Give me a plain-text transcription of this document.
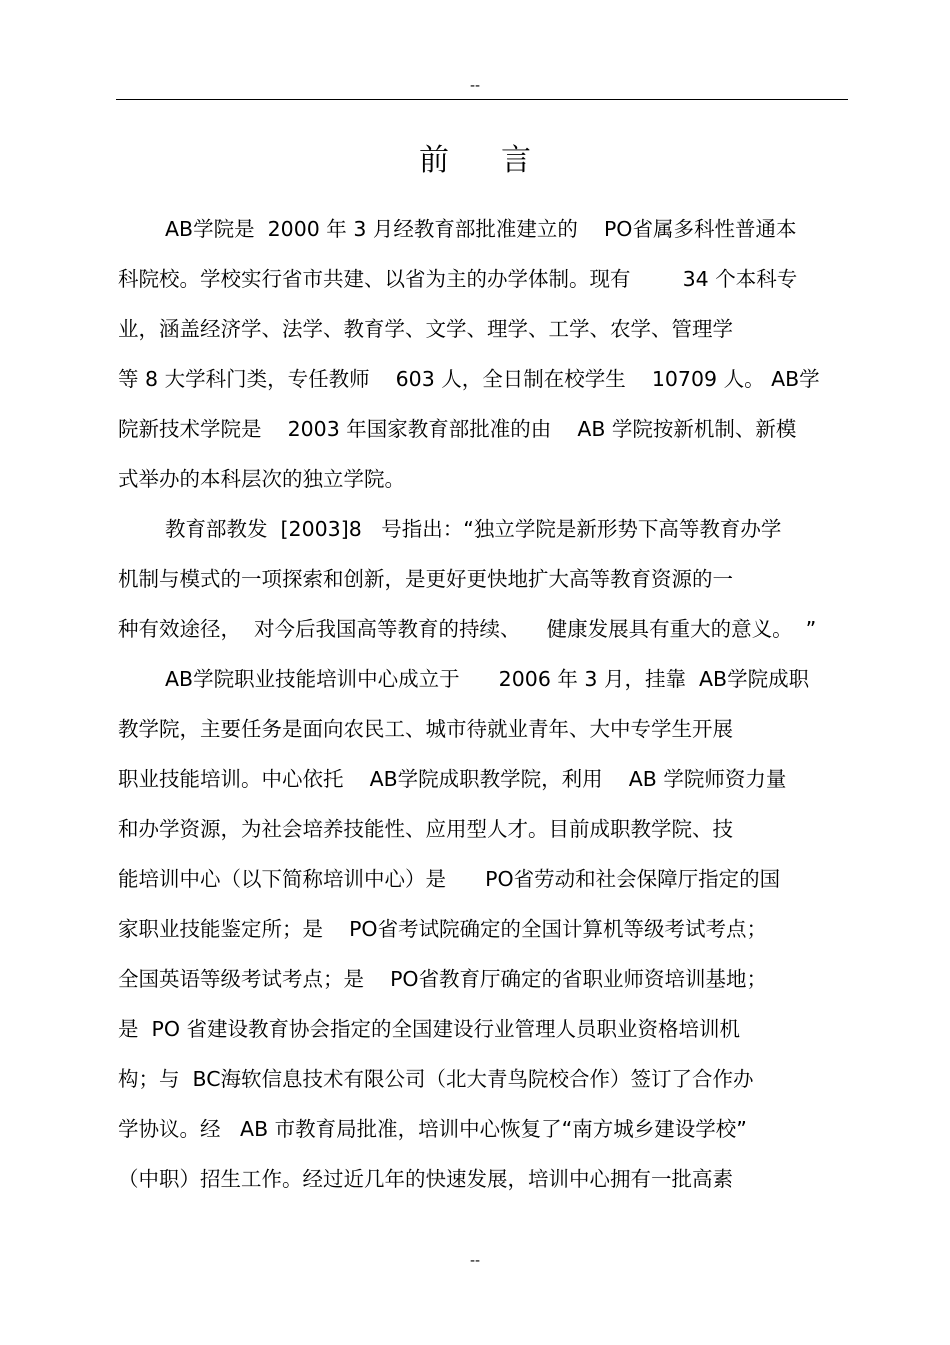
--
前 言
AB学院是  2000 年 3 月经教育部批准建立的    PO省属多科性普通本
科院校。学校实行省市共建、以省为主的办学体制。现有        34 个本科专
业，涵盖经济学、法学、教育学、文学、理学、工学、农学、管理学
等 8 大学科门类，专任教师    603 人，全日制在校学生    10709 人。 AB学
院新技术学院是    2003 年国家教育部批准的由    AB 学院按新机制、新模
式举办的本科层次的独立学院。
教育部教发  [2003]8   号指出：“独立学院是新形势下高等教育办学
机制与模式的一项探索和创新，是更好更快地扩大高等教育资源的一
种有效途径，  对今后我国高等教育的持续、    健康发展具有重大的意义。  ”
AB学院职业技能培训中心成立于      2006 年 3 月，挂靠  AB学院成职
教学院，主要任务是面向农民工、城市待就业青年、大中专学生开展
职业技能培训。中心依托    AB学院成职教学院，利用    AB 学院师资力量
和办学资源，为社会培养技能性、应用型人才。目前成职教学院、技
能培训中心（以下简称培训中心）是      PO省劳动和社会保障厅指定的国
家职业技能鉴定所；是    PO省考试院确定的全国计算机等级考试考点；
全国英语等级考试考点；是    PO省教育厅确定的省职业师资培训基地；
是  PO 省建设教育协会指定的全国建设行业管理人员职业资格培训机
构；与  BC海软信息技术有限公司（北大青鸟院校合作）签订了合作办
学协议。经   AB 市教育局批准，培训中心恢复了“南方城乡建设学校”
（中职）招生工作。经过近几年的快速发展，培训中心拥有一批高素
--
